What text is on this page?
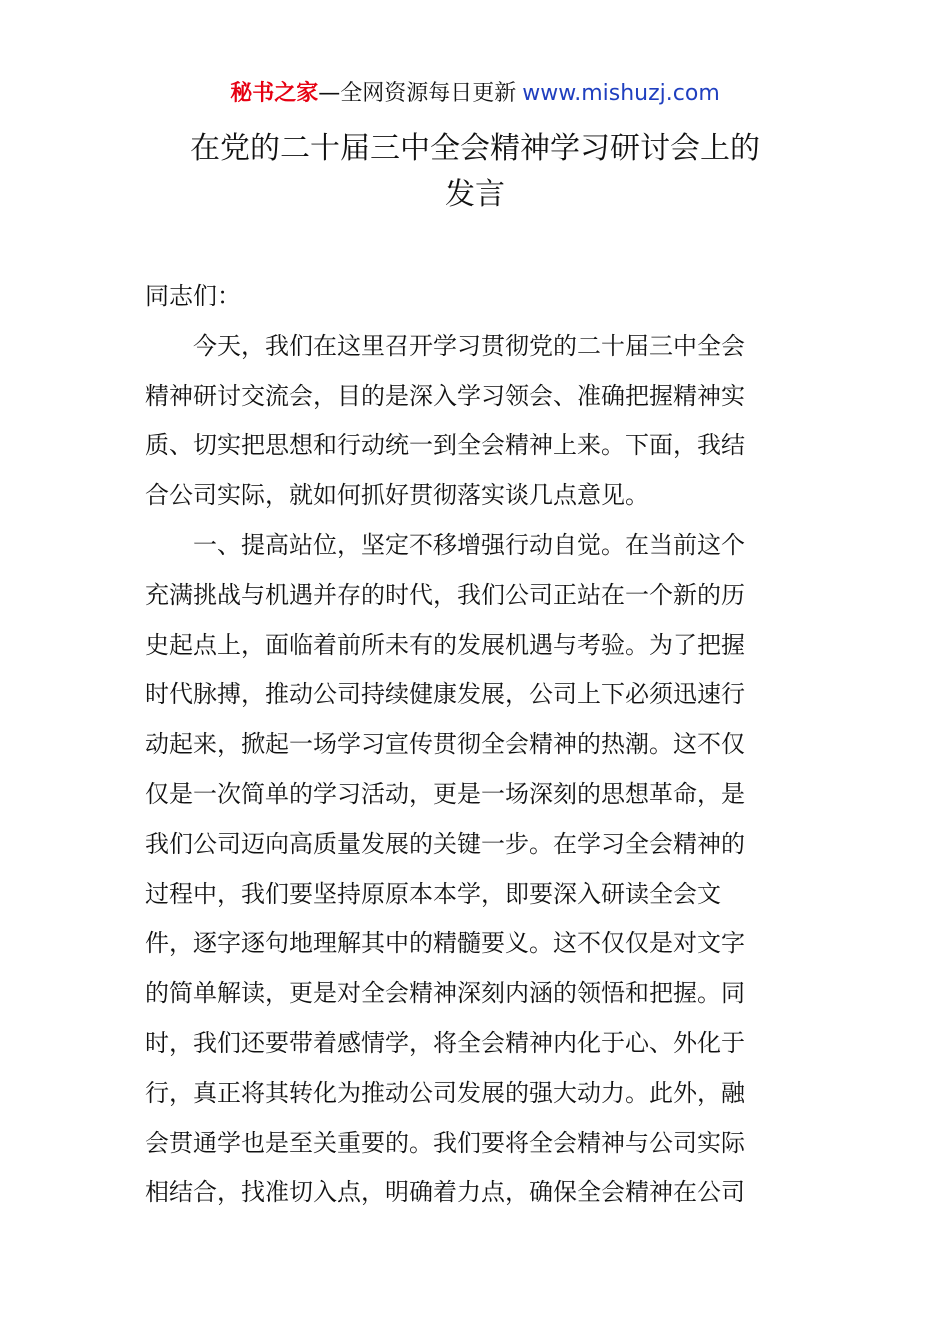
秘书之家—全网资源每日更新 www.mishuzj.com
在党的二十届三中全会精神学习研讨会上的
发言
同志们：
今天，我们在这里召开学习贯彻党的二十届三中全会
精神研讨交流会，目的是深入学习领会、准确把握精神实
质、切实把思想和行动统一到全会精神上来。下面，我结
合公司实际，就如何抓好贯彻落实谈几点意见。
一、提高站位，坚定不移增强行动自觉。在当前这个
充满挑战与机遇并存的时代，我们公司正站在一个新的历
史起点上，面临着前所未有的发展机遇与考验。为了把握
时代脉搏，推动公司持续健康发展，公司上下必须迅速行
动起来，掀起一场学习宣传贯彻全会精神的热潮。这不仅
仅是一次简单的学习活动，更是一场深刻的思想革命，是
我们公司迈向高质量发展的关键一步。在学习全会精神的
过程中，我们要坚持原原本本学，即要深入研读全会文
件，逐字逐句地理解其中的精髓要义。这不仅仅是对文字
的简单解读，更是对全会精神深刻内涵的领悟和把握。同
时，我们还要带着感情学，将全会精神内化于心、外化于
行，真正将其转化为推动公司发展的强大动力。此外，融
会贯通学也是至关重要的。我们要将全会精神与公司实际
相结合，找准切入点，明确着力点，确保全会精神在公司
